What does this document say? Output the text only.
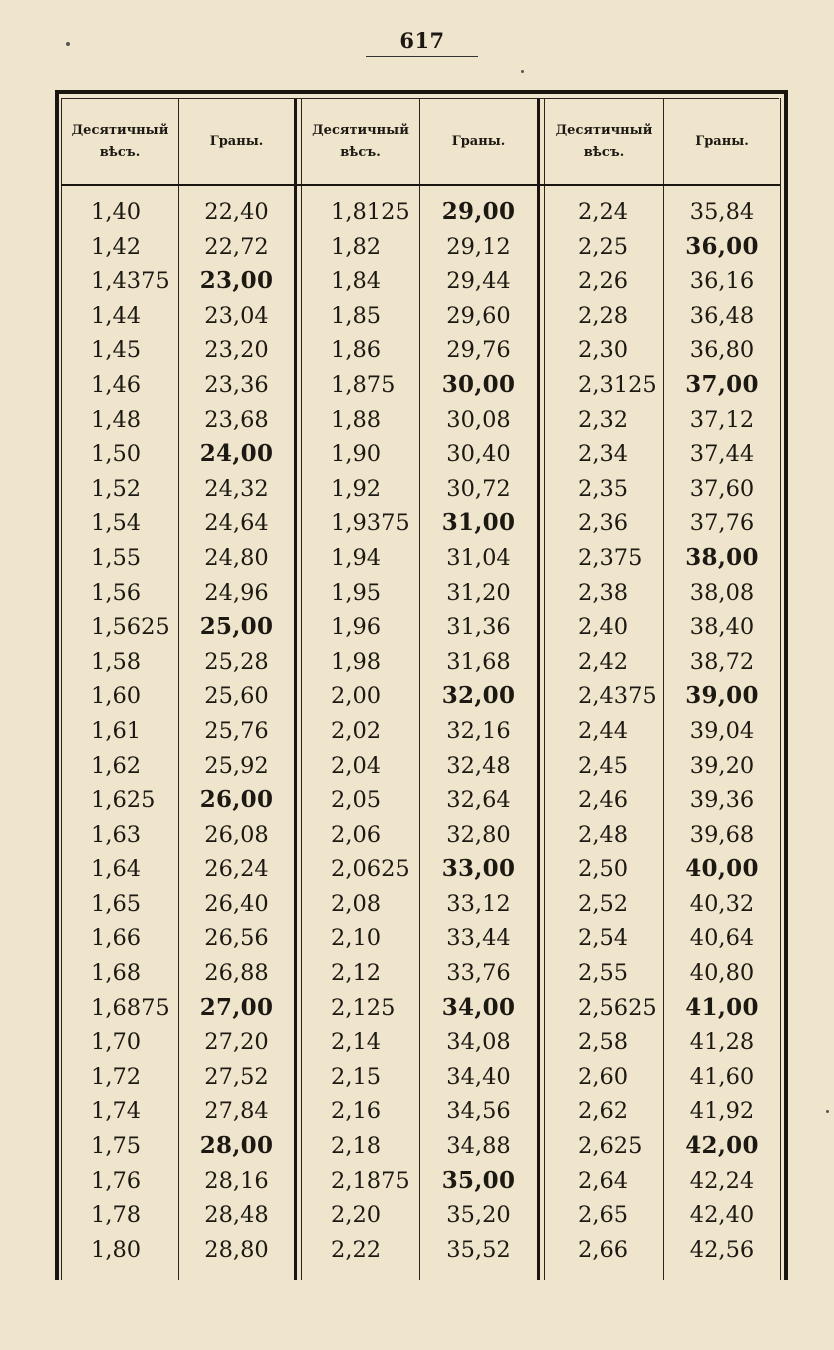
617
Десятичный
вѣсъ.
Граны.
Десятичный
вѣсъ.
Граны.
Десятичный
вѣсъ.
Граны.
1,40
1,42
1,4375
1,44
1,45
1,46
1,48
1,50
1,52
1,54
1,55
1,56
1,5625
1,58
1,60
1,61
1,62
1,625
1,63
1,64
1,65
1,66
1,68
1,6875
1,70
1,72
1,74
1,75
1,76
1,78
1,80
22,40
22,72
23,00
23,04
23,20
23,36
23,68
24,00
24,32
24,64
24,80
24,96
25,00
25,28
25,60
25,76
25,92
26,00
26,08
26,24
26,40
26,56
26,88
27,00
27,20
27,52
27,84
28,00
28,16
28,48
28,80
1,8125
1,82
1,84
1,85
1,86
1,875
1,88
1,90
1,92
1,9375
1,94
1,95
1,96
1,98
2,00
2,02
2,04
2,05
2,06
2,0625
2,08
2,10
2,12
2,125
2,14
2,15
2,16
2,18
2,1875
2,20
2,22
29,00
29,12
29,44
29,60
29,76
30,00
30,08
30,40
30,72
31,00
31,04
31,20
31,36
31,68
32,00
32,16
32,48
32,64
32,80
33,00
33,12
33,44
33,76
34,00
34,08
34,40
34,56
34,88
35,00
35,20
35,52
2,24
2,25
2,26
2,28
2,30
2,3125
2,32
2,34
2,35
2,36
2,375
2,38
2,40
2,42
2,4375
2,44
2,45
2,46
2,48
2,50
2,52
2,54
2,55
2,5625
2,58
2,60
2,62
2,625
2,64
2,65
2,66
35,84
36,00
36,16
36,48
36,80
37,00
37,12
37,44
37,60
37,76
38,00
38,08
38,40
38,72
39,00
39,04
39,20
39,36
39,68
40,00
40,32
40,64
40,80
41,00
41,28
41,60
41,92
42,00
42,24
42,40
42,56
